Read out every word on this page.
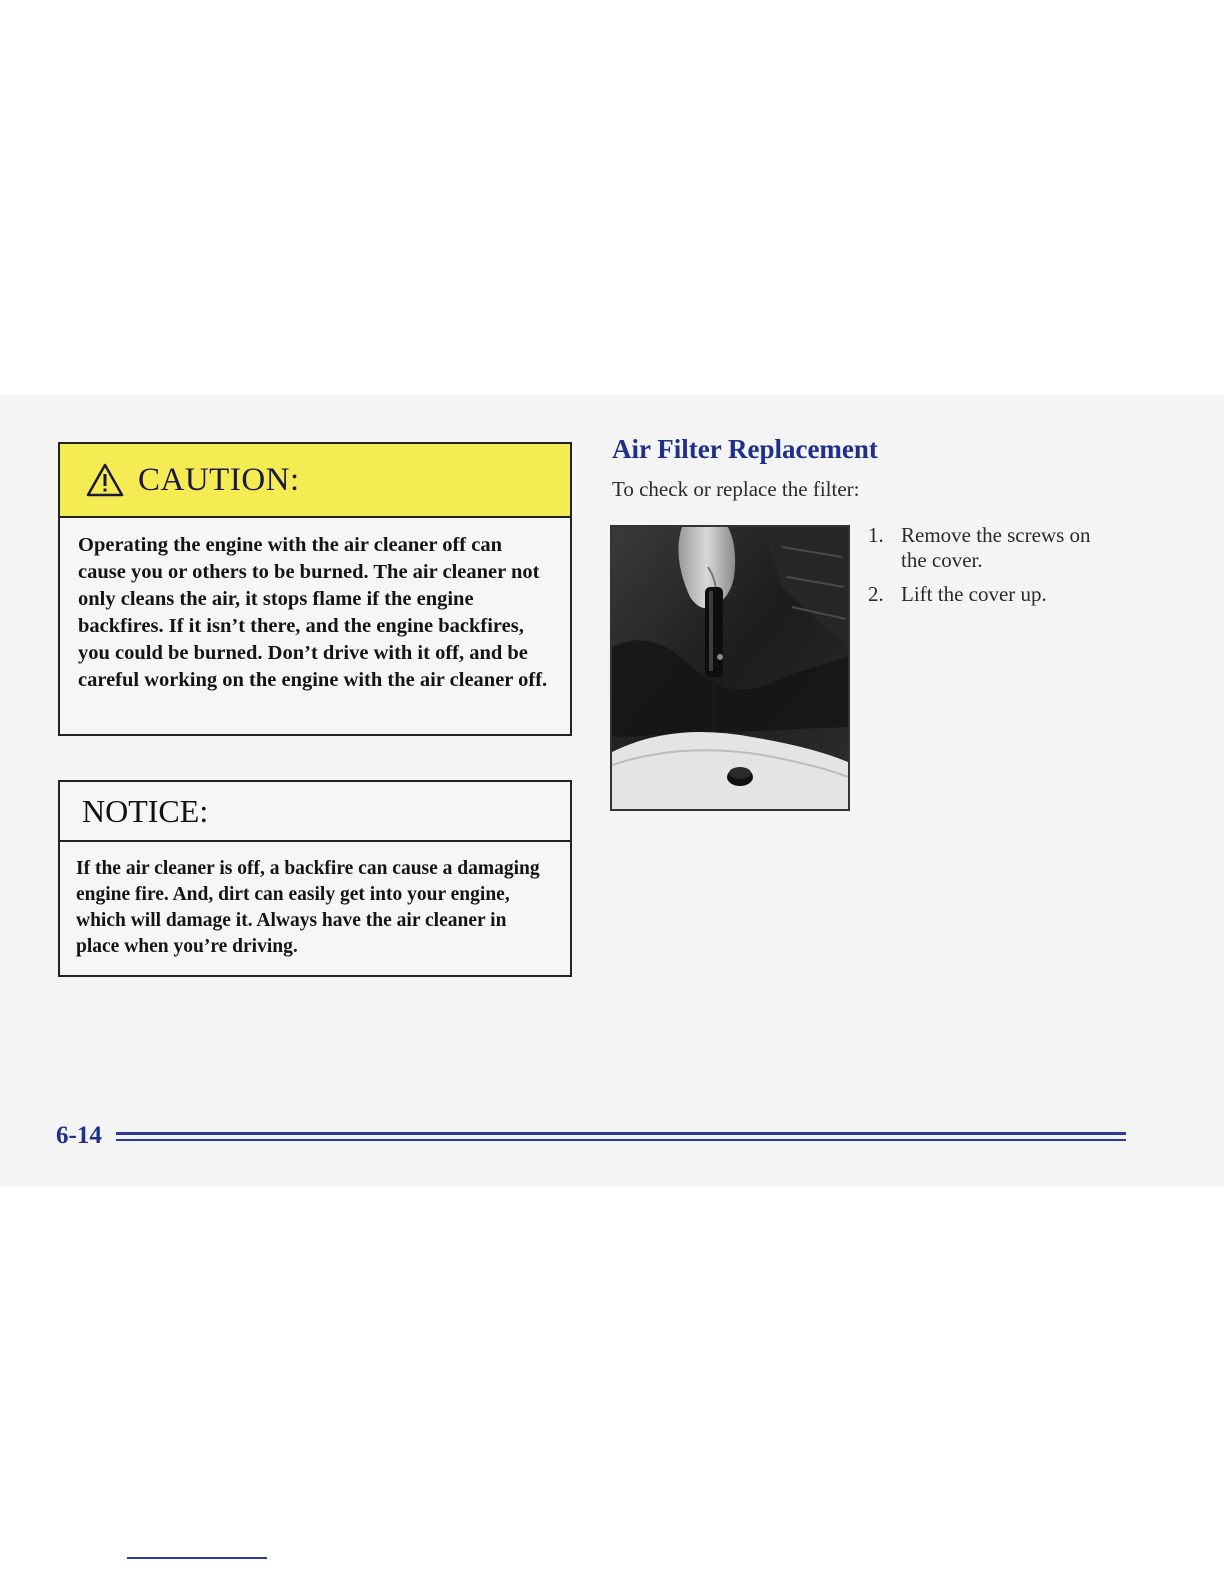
CAUTION:
Operating the engine with the air cleaner off can cause you or others to be burned. The air cleaner not only cleans the air, it stops flame if the engine backfires. If it isn’t there, and the engine backfires, you could be burned. Don’t drive with it off, and be careful working on the engine with the air cleaner off.
NOTICE:
If the air cleaner is off, a backfire can cause a damaging engine fire. And, dirt can easily get into your engine, which will damage it. Always have the air cleaner in place when you’re driving.
Air Filter Replacement
To check or replace the filter:
1. Remove the screws on the cover.
2. Lift the cover up.
6-14
